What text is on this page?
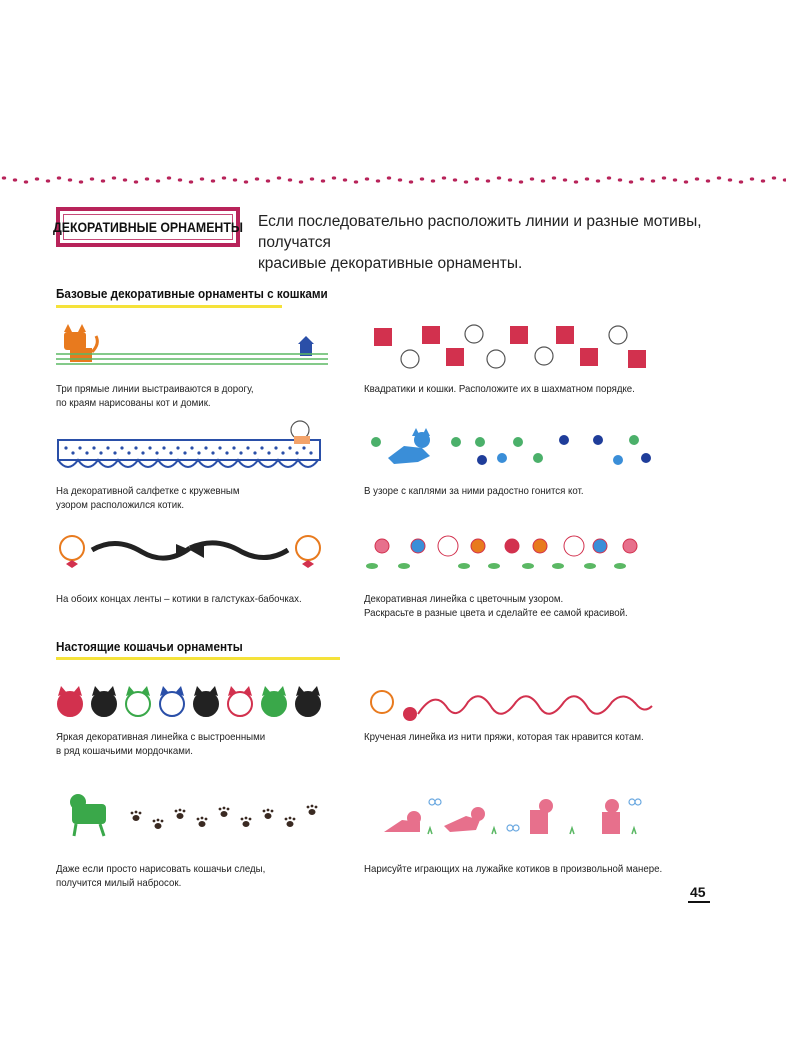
ДЕКОРАТИВНЫЕ ОРНАМЕНТЫ Если последовательно расположить линии и разные мотивы, получатся
красивые декоративные орнаменты.
Базовые декоративные орнаменты с кошками
Три прямые линии выстраиваются в дорогу,
по краям нарисованы кот и домик.
Квадратики и кошки. Расположите их в шахматном порядке.
На декоративной салфетке с кружевным
узором расположился котик.
В узоре с каплями за ними радостно гонится кот.
На обоих концах ленты – котики в галстуках-бабочках.	Декоративная линейка с цветочным узором.
Раскрасьте в разные цвета и сделайте ее самой красивой.
Настоящие кошачьи орнаменты
Яркая декоративная линейка с выстроенными
в ряд кошачьими мордочками.
Крученая линейка из нити пряжи, которая так нравится котам.
Даже если просто нарисовать кошачьи следы,
получится милый набросок.
Нарисуйте играющих на лужайке котиков в произвольной манере.
45
